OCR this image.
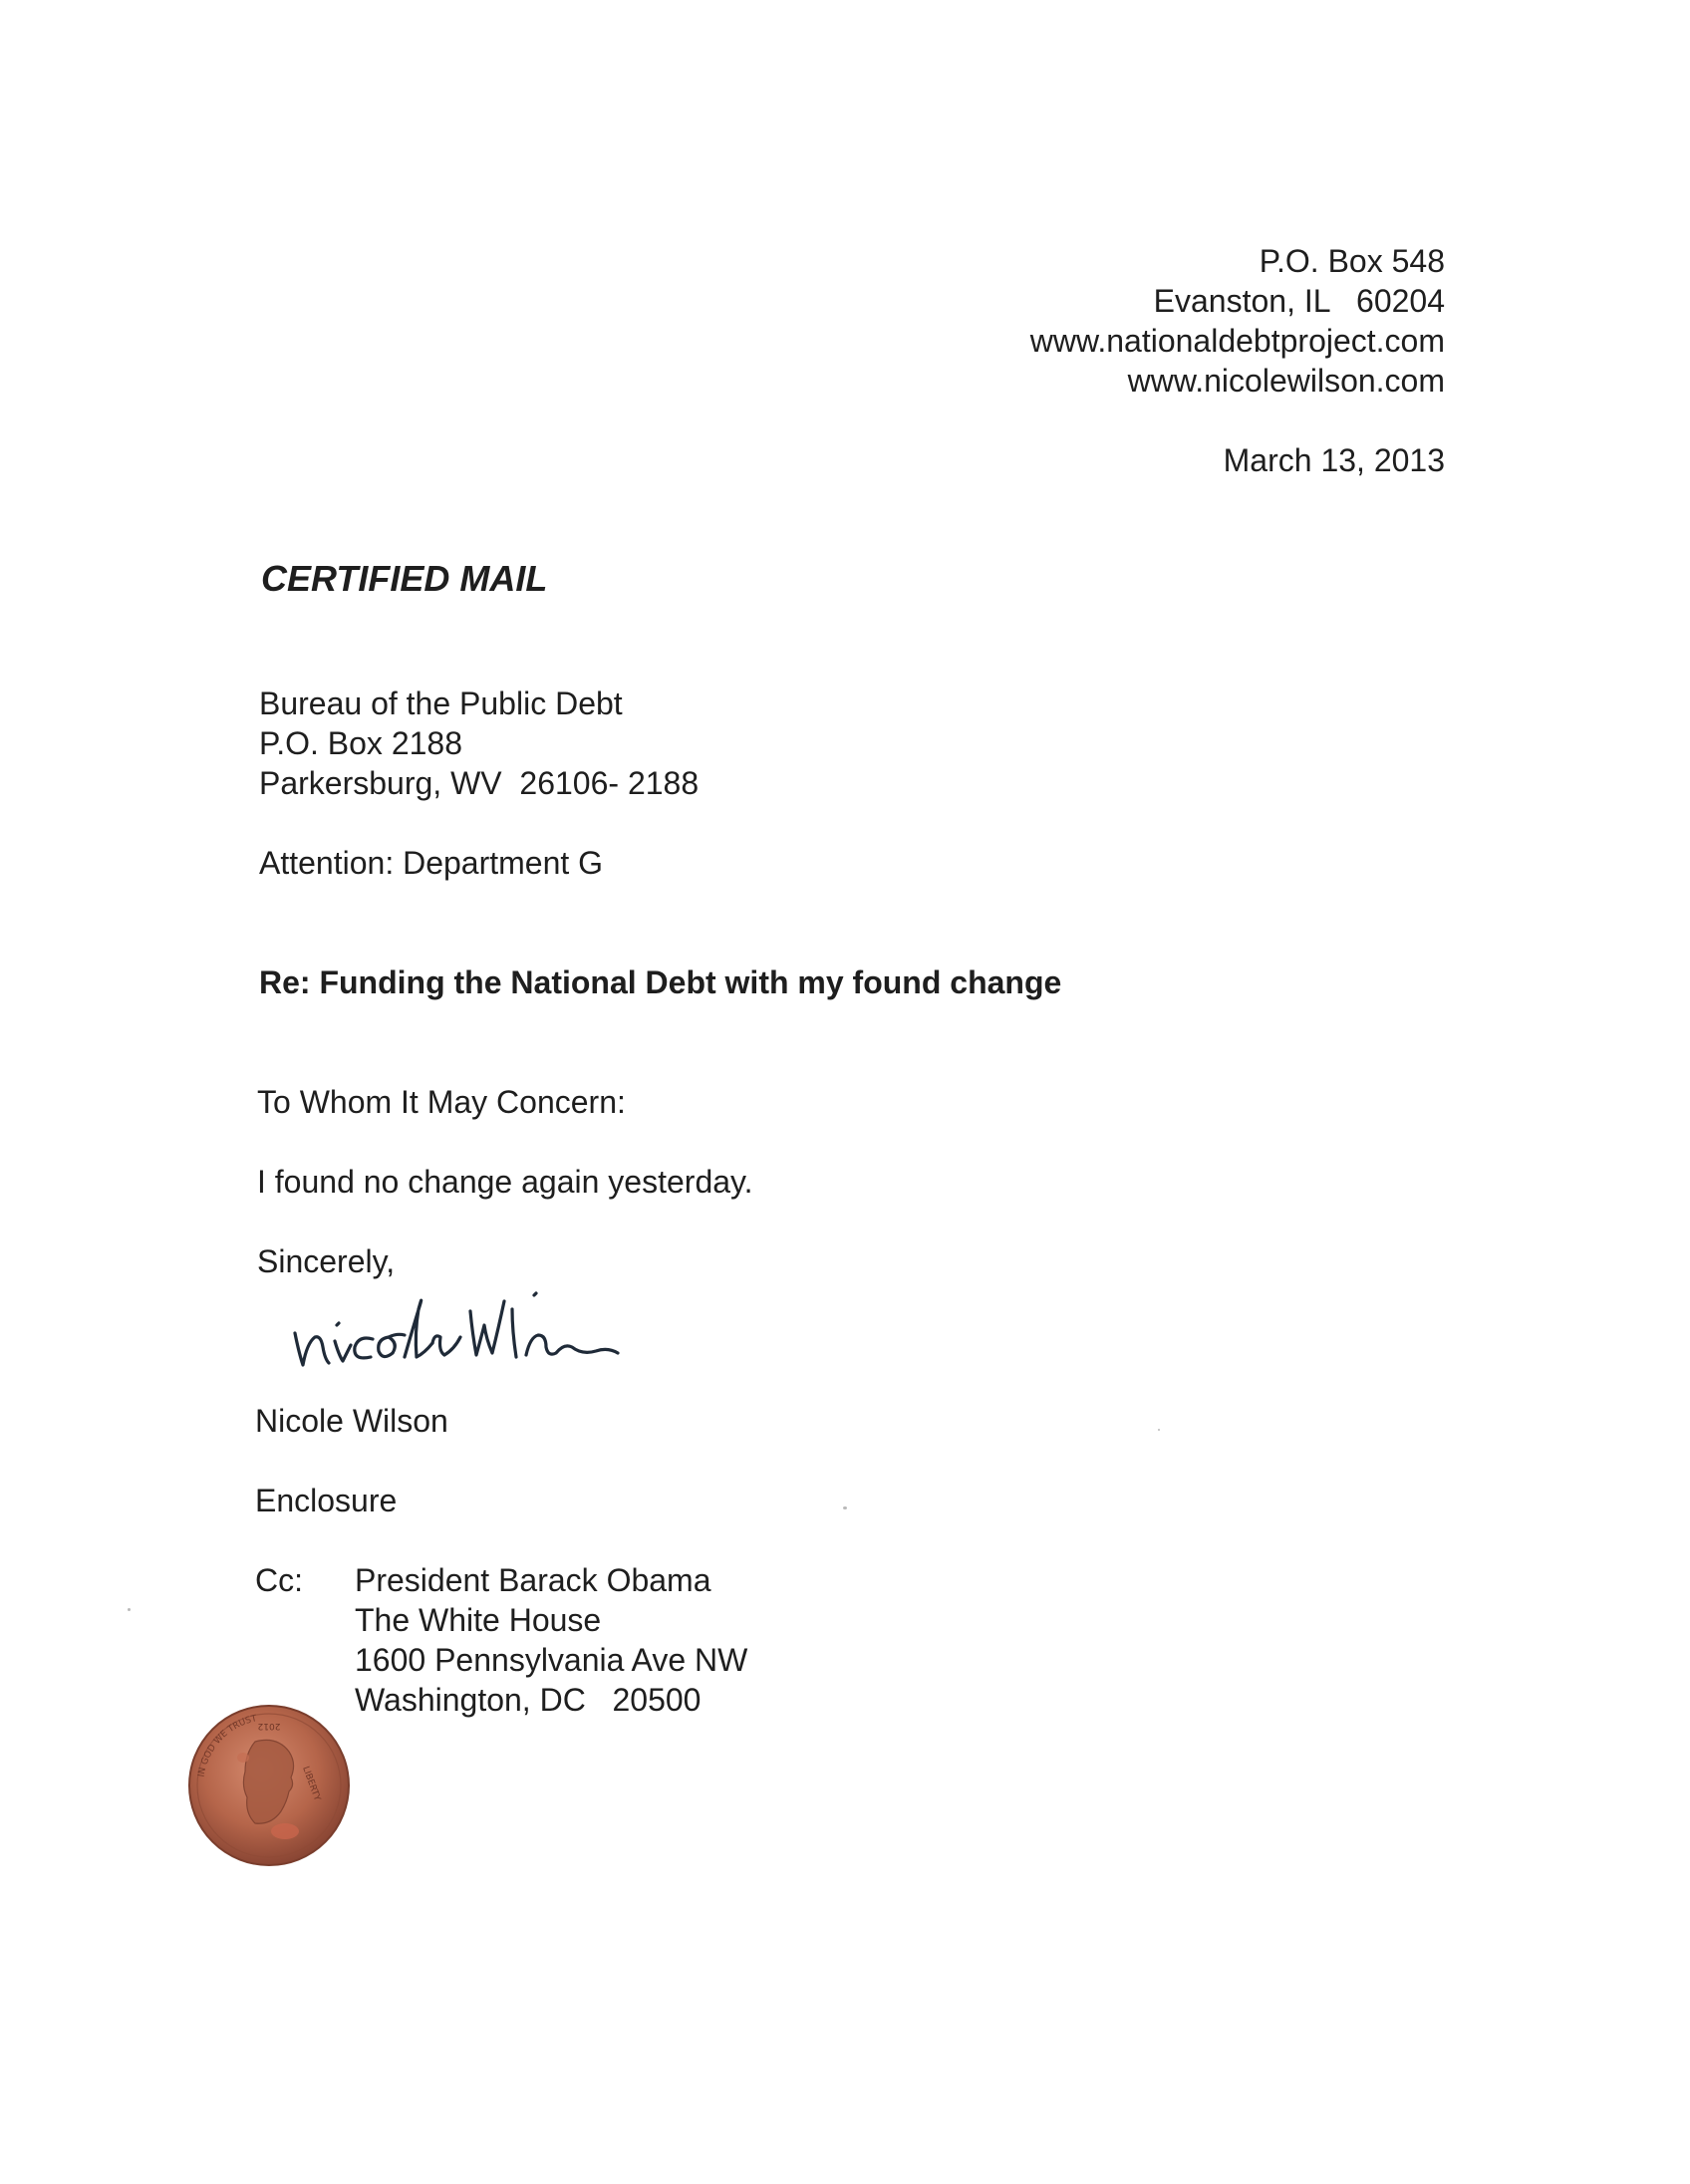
P.O. Box 548
Evanston, IL   60204
www.nationaldebtproject.com
www.nicolewilson.com
March 13, 2013
CERTIFIED MAIL
Bureau of the Public Debt
P.O. Box 2188
Parkersburg, WV  26106- 2188
Attention: Department G
Re: Funding the National Debt with my found change
To Whom It May Concern:
I found no change again yesterday.
Sincerely,
Nicole Wilson
Enclosure
Cc: President Barack Obama
The White House
1600 Pennsylvania Ave NW
Washington, DC   20500
IN GOD WE TRUST
LIBERTY
2012
